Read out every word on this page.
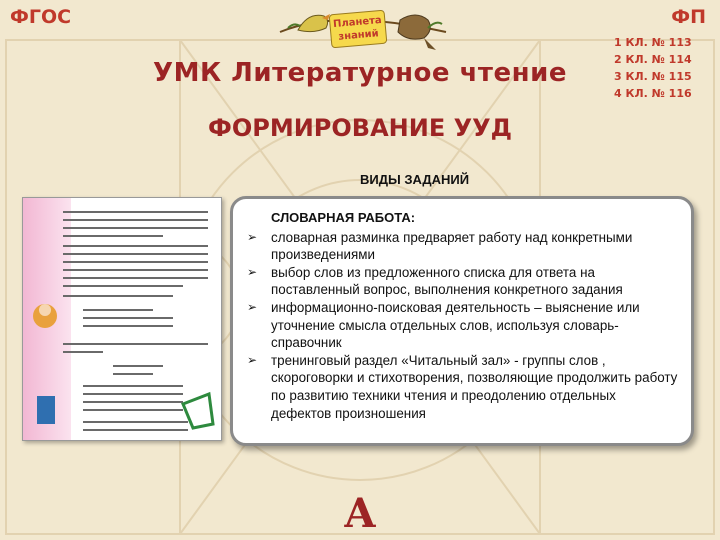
ФГОС	ФП
1 КЛ. № 113
2 КЛ. № 114
3 КЛ. № 115
4 КЛ. № 116
Планета
знаний
УМК Литературное чтение
ФОРМИРОВАНИЕ УУД
ВИДЫ ЗАДАНИЙ
СЛОВАРНАЯ РАБОТА:
➢ словарная разминка предваряет работу над конкретными произведениями
➢ выбор слов из предложенного списка для ответа на поставленный вопрос, выполнения конкретного задания
➢ информационно-поисковая деятельность – выяснение или уточнение смысла отдельных слов, используя словарь-справочник
➢ тренинговый раздел «Читальный зал» - группы слов , скороговорки и стихотворения, позволяющие продолжить работу по развитию техники чтения и преодолению отдельных дефектов произношения
А
